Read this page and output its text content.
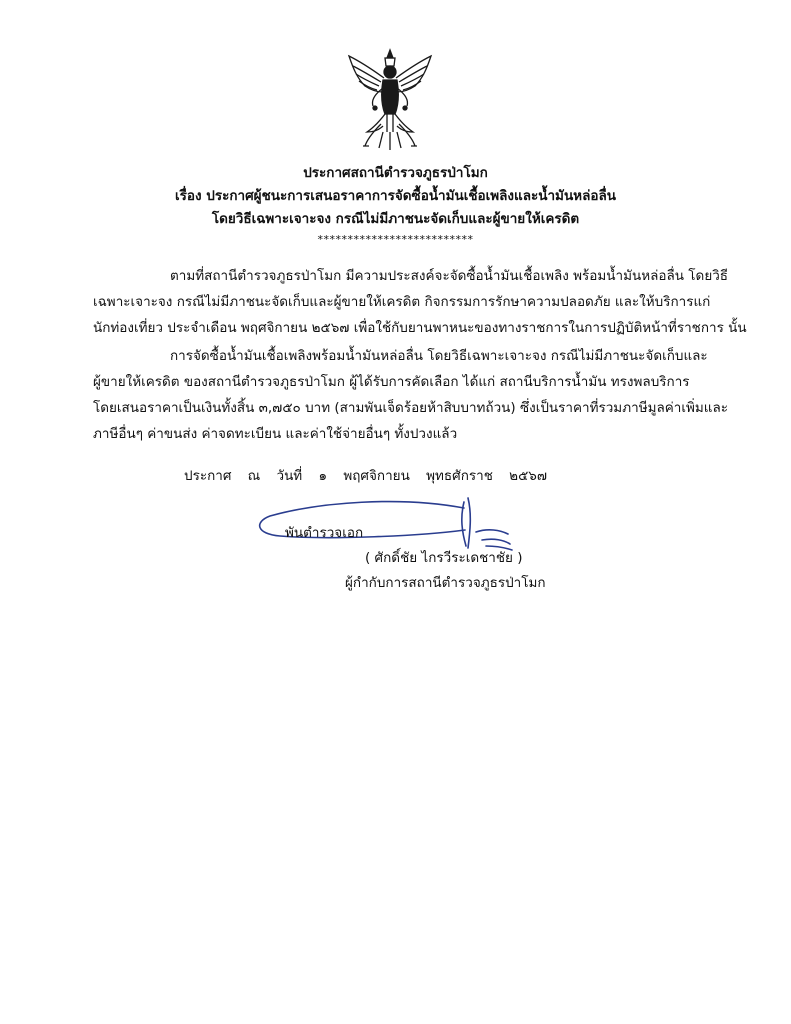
ประกาศสถานีตำรวจภูธรป่าโมก
เรื่อง ประกาศผู้ชนะการเสนอราคาการจัดซื้อน้ำมันเชื้อเพลิงและน้ำมันหล่อลื่น
โดยวิธีเฉพาะเจาะจง กรณีไม่มีภาชนะจัดเก็บและผู้ขายให้เครดิต
**************************
ตามที่สถานีตำรวจภูธรป่าโมก มีความประสงค์จะจัดซื้อน้ำมันเชื้อเพลิง พร้อมน้ำมันหล่อลื่น โดยวิธี
เฉพาะเจาะจง กรณีไม่มีภาชนะจัดเก็บและผู้ขายให้เครดิต กิจกรรมการรักษาความปลอดภัย และให้บริการแก่
นักท่องเที่ยว ประจำเดือน พฤศจิกายน ๒๕๖๗ เพื่อใช้กับยานพาหนะของทางราชการในการปฏิบัติหน้าที่ราชการ นั้น
การจัดซื้อน้ำมันเชื้อเพลิงพร้อมน้ำมันหล่อลื่น โดยวิธีเฉพาะเจาะจง กรณีไม่มีภาชนะจัดเก็บและ
ผู้ขายให้เครดิต ของสถานีตำรวจภูธรป่าโมก ผู้ได้รับการคัดเลือก ได้แก่ สถานีบริการน้ำมัน ทรงพลบริการ
โดยเสนอราคาเป็นเงินทั้งสิ้น ๓,๗๕๐ บาท (สามพันเจ็ดร้อยห้าสิบบาทถ้วน) ซึ่งเป็นราคาที่รวมภาษีมูลค่าเพิ่มและ
ภาษีอื่นๆ ค่าขนส่ง ค่าจดทะเบียน และค่าใช้จ่ายอื่นๆ ทั้งปวงแล้ว
ประกาศ ณ วันที่ ๑ พฤศจิกายน พุทธศักราช ๒๕๖๗
พันตำรวจเอก
( ศักดิ์ชัย ไกรวีระเดชาชัย )
ผู้กำกับการสถานีตำรวจภูธรป่าโมก
